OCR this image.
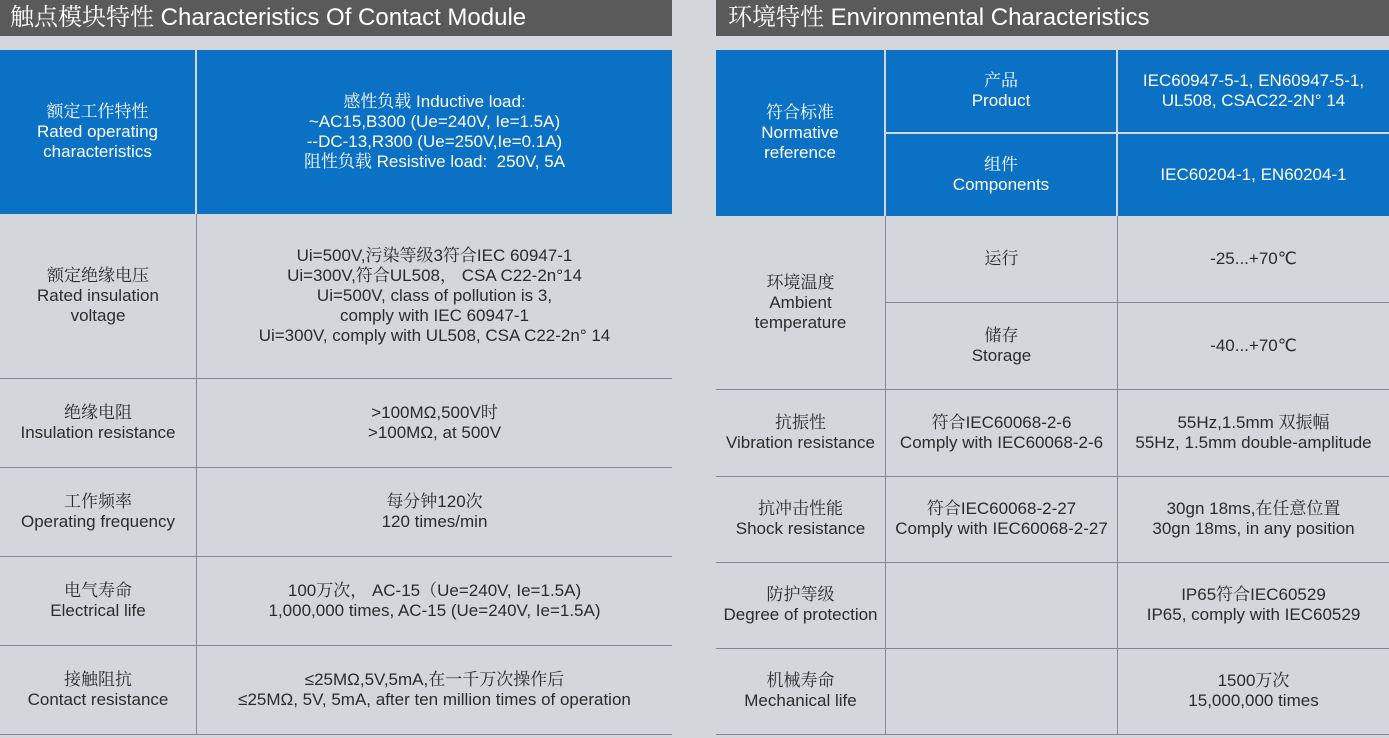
触点模块特性 Characteristics Of Contact Module
额定工作特性
Rated operating
characteristics
感性负载 Inductive load:
~AC15,B300 (Ue=240V, Ie=1.5A)
--DC-13,R300 (Ue=250V,Ie=0.1A)
阻性负载 Resistive load:  250V, 5A
额定绝缘电压
Rated insulation
voltage
Ui=500V,污染等级3符合IEC 60947-1
Ui=300V,符合UL508， CSA C22-2n°14
Ui=500V, class of pollution is 3,
comply with IEC 60947-1
Ui=300V, comply with UL508, CSA C22-2n° 14
绝缘电阻
Insulation resistance
>100MΩ,500V时
>100MΩ, at 500V
工作频率
Operating frequency
每分钟120次
120 times/min
电气寿命
Electrical life
100万次， AC-15（Ue=240V, Ie=1.5A)
1,000,000 times, AC-15 (Ue=240V, Ie=1.5A)
接触阻抗
Contact resistance
≤25MΩ,5V,5mA,在一千万次操作后
≤25MΩ, 5V, 5mA, after ten million times of operation
环境特性 Environmental Characteristics
符合标准
Normative
reference
产品
Product
IEC60947-5-1, EN60947-5-1,
UL508, CSAC22-2N° 14
组件
Components
IEC60204-1, EN60204-1
环境温度
Ambient
temperature
运行	-25...+70℃
储存
Storage
-40...+70℃
抗振性
Vibration resistance
符合IEC60068-2-6
Comply with IEC60068-2-6
55Hz,1.5mm 双振幅
55Hz, 1.5mm double-amplitude
抗冲击性能
Shock resistance
符合IEC60068-2-27
Comply with IEC60068-2-27
30gn 18ms,在任意位置
30gn 18ms, in any position
防护等级
Degree of protection
IP65符合IEC60529
IP65, comply with IEC60529
机械寿命
Mechanical life
1500万次
15,000,000 times
